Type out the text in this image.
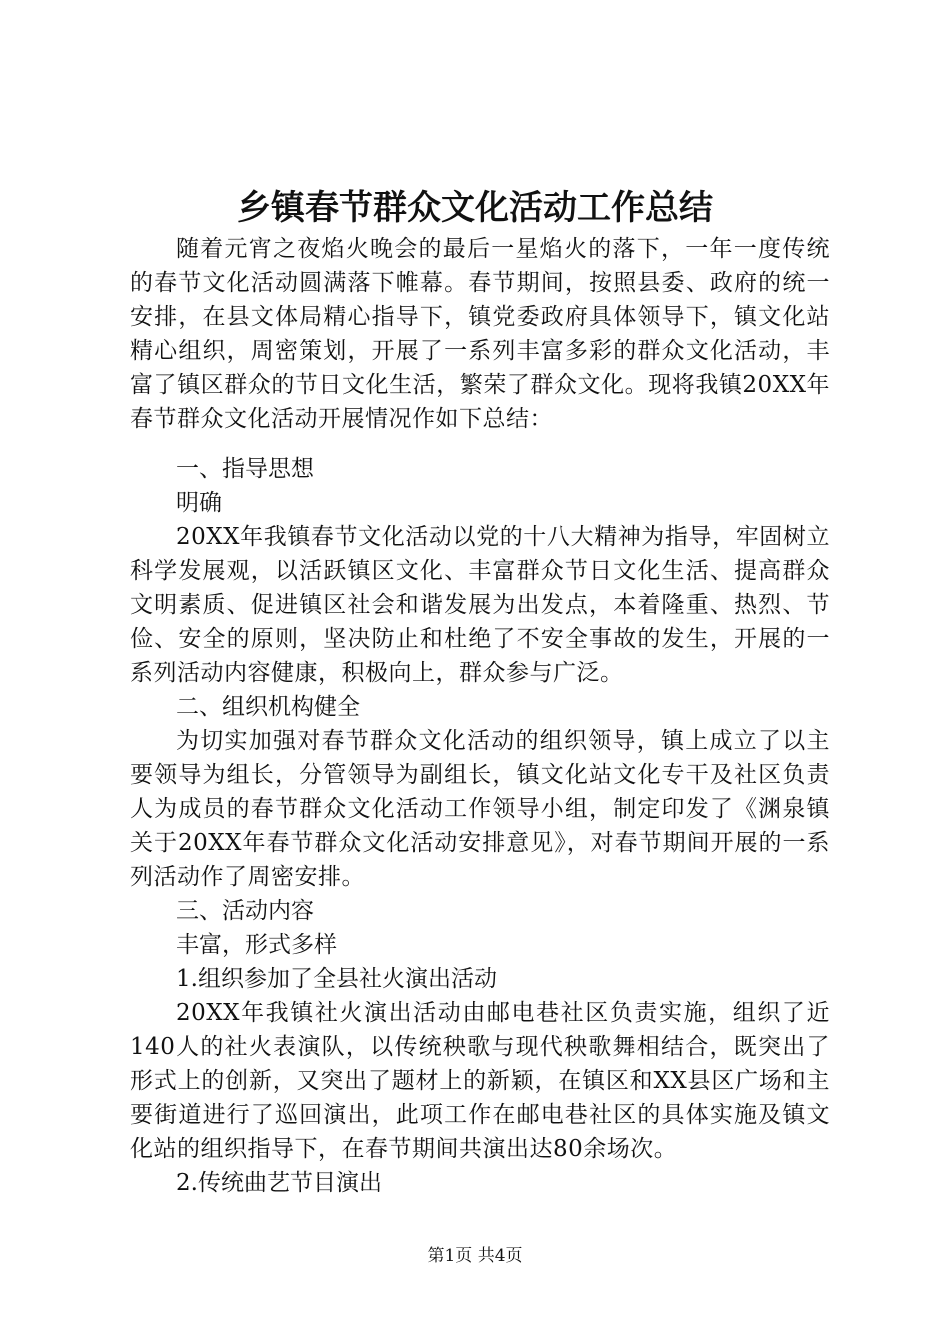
乡镇春节群众文化活动工作总结

随着元宵之夜焰火晚会的最后一星焰火的落下，一年一度传统的春节文化活动圆满落下帷幕。春节期间，按照县委、政府的统一安排，在县文体局精心指导下，镇党委政府具体领导下，镇文化站精心组织，周密策划，开展了一系列丰富多彩的群众文化活动，丰富了镇区群众的节日文化生活，繁荣了群众文化。现将我镇20XX年春节群众文化活动开展情况作如下总结：

一、指导思想

明确

20XX年我镇春节文化活动以党的十八大精神为指导，牢固树立科学发展观，以活跃镇区文化、丰富群众节日文化生活、提高群众文明素质、促进镇区社会和谐发展为出发点，本着隆重、热烈、节俭、安全的原则，坚决防止和杜绝了不安全事故的发生，开展的一系列活动内容健康，积极向上，群众参与广泛。

二、组织机构健全

为切实加强对春节群众文化活动的组织领导，镇上成立了以主要领导为组长，分管领导为副组长，镇文化站文化专干及社区负责人为成员的春节群众文化活动工作领导小组，制定印发了《渊泉镇关于20XX年春节群众文化活动安排意见》，对春节期间开展的一系列活动作了周密安排。

三、活动内容

丰富，形式多样

1.组织参加了全县社火演出活动

20XX年我镇社火演出活动由邮电巷社区负责实施，组织了近140人的社火表演队，以传统秧歌与现代秧歌舞相结合，既突出了形式上的创新，又突出了题材上的新颖，在镇区和XX县区广场和主要街道进行了巡回演出，此项工作在邮电巷社区的具体实施及镇文化站的组织指导下，在春节期间共演出达80余场次。

2.传统曲艺节目演出

第1页 共4页
